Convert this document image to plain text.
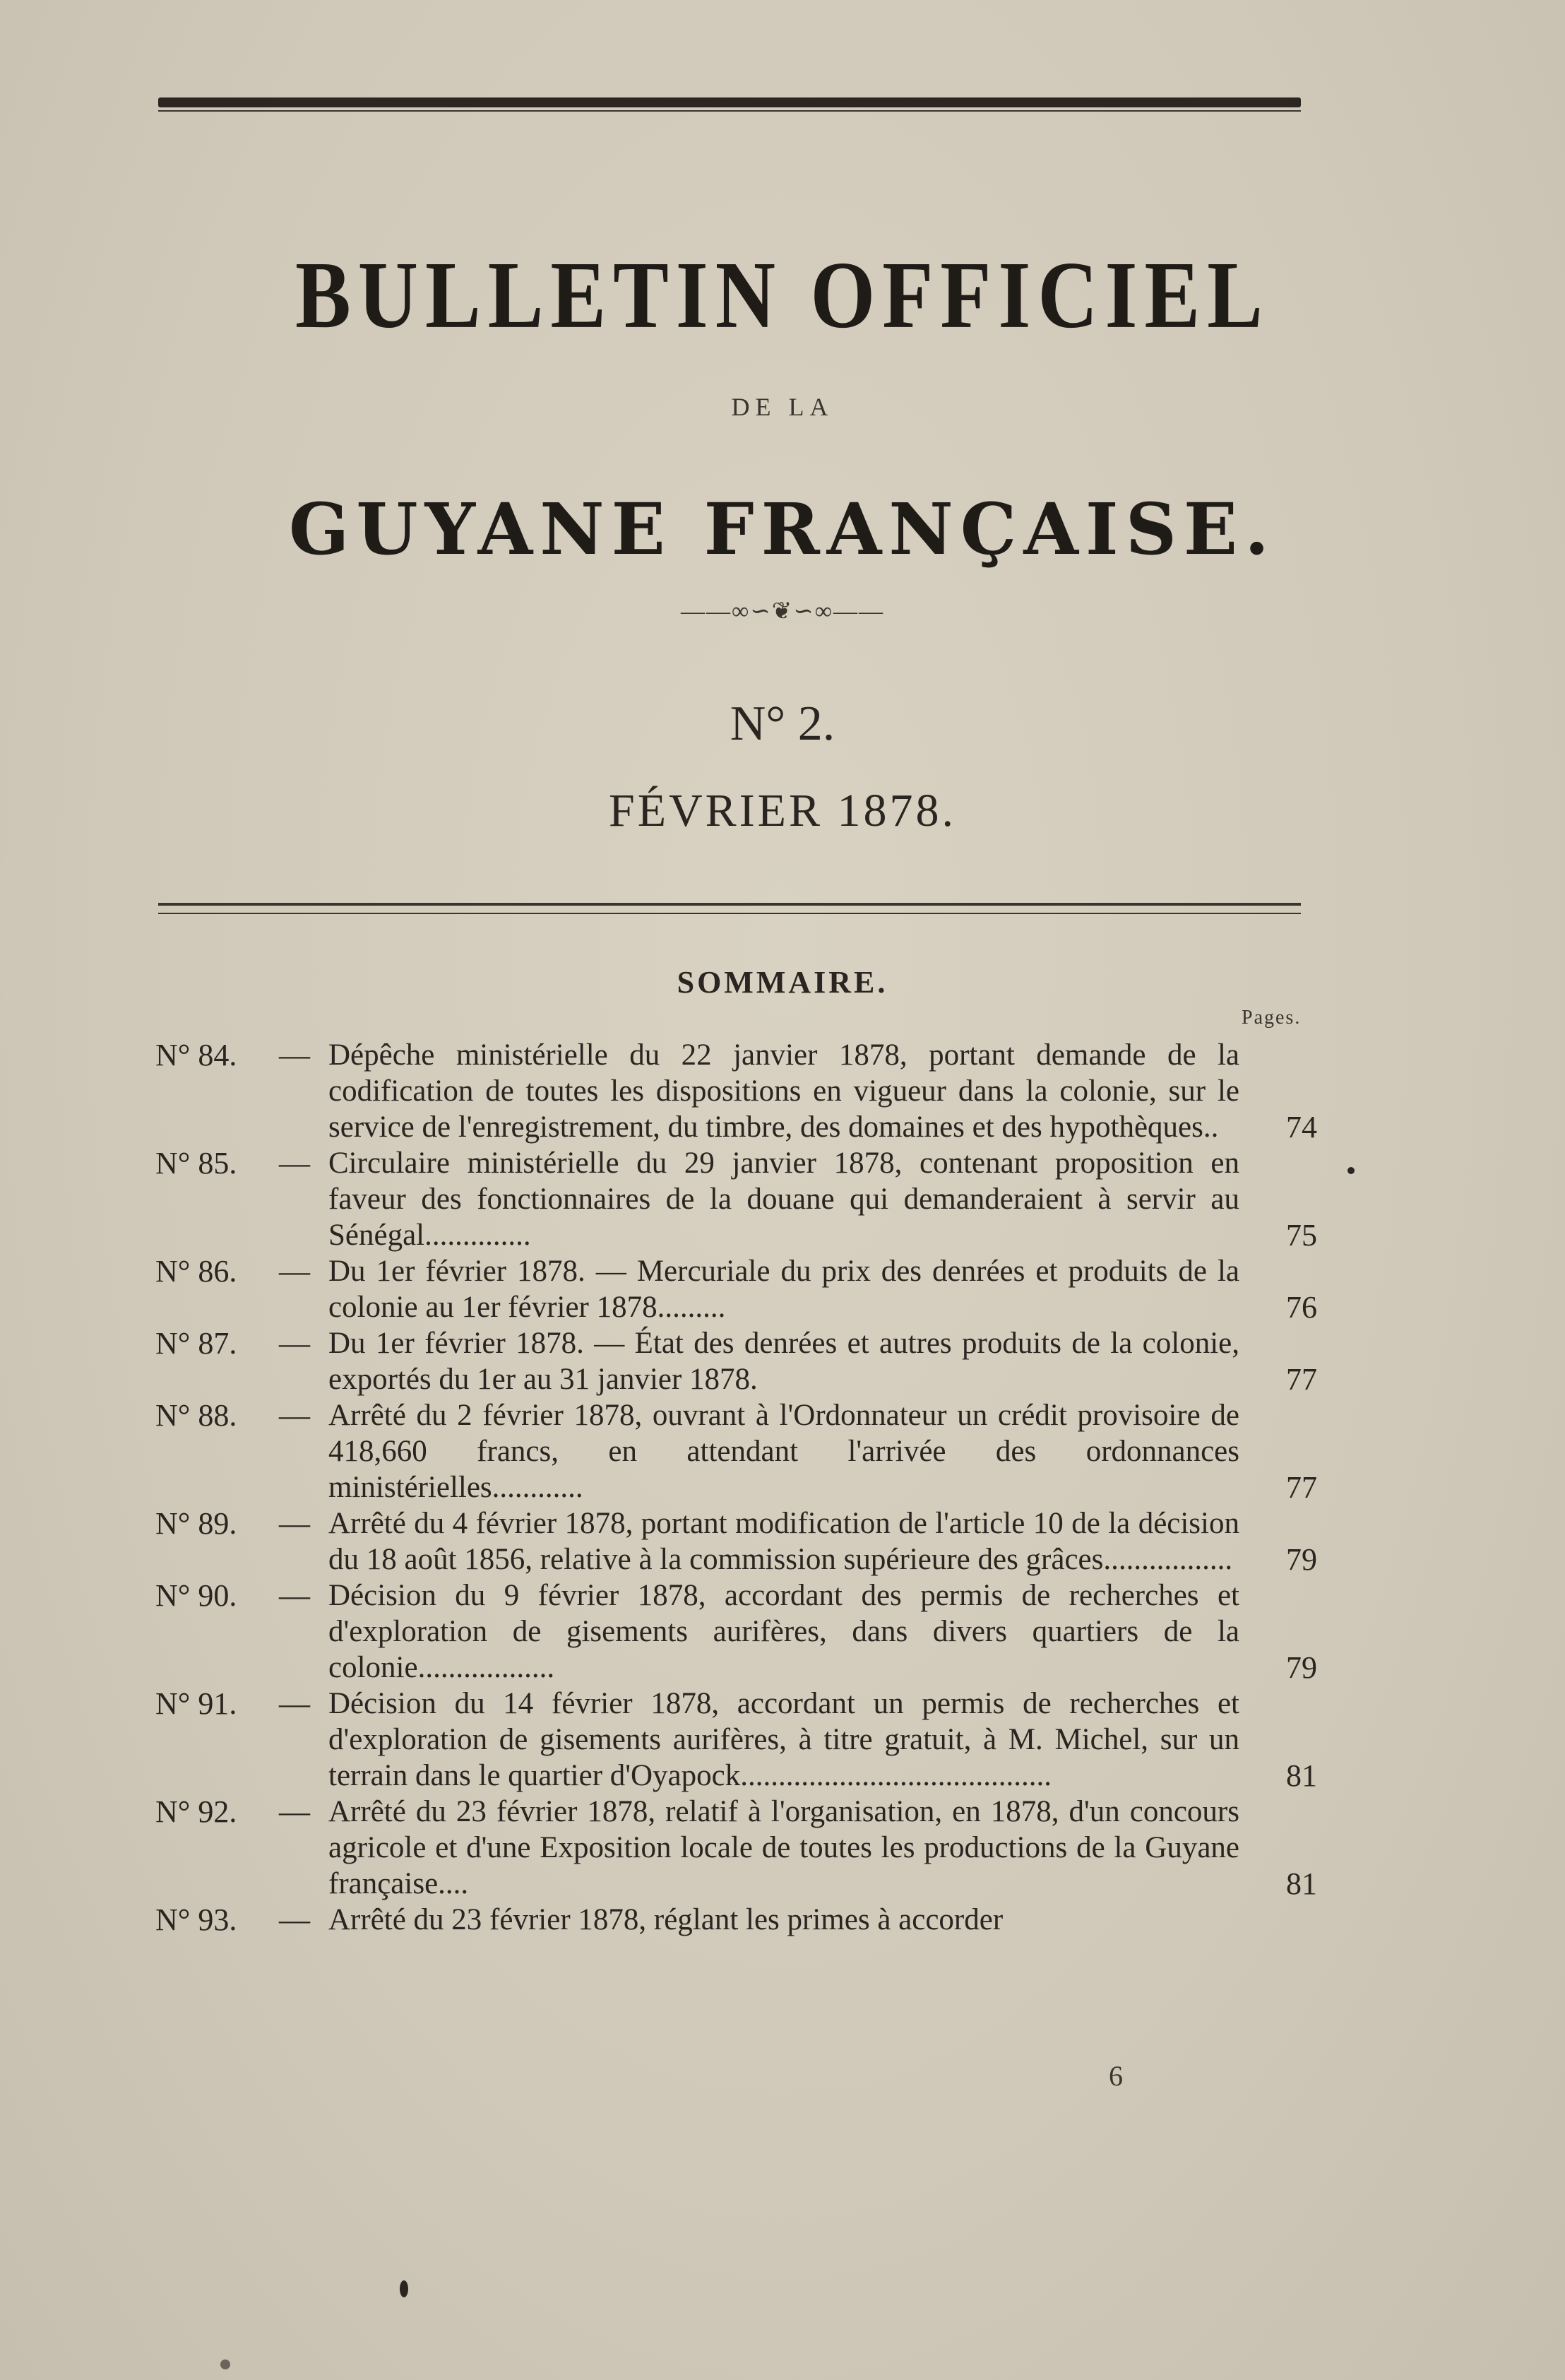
BULLETIN OFFICIEL
DE LA
GUYANE FRANÇAISE.
——∞∽❦∽∞——
N° 2.
FÉVRIER 1878.
SOMMAIRE.
Pages.
N° 84.	— Dépêche ministérielle du 22 janvier 1878, portant demande de la codification de toutes les dispositions en vigueur dans la colonie, sur le service de l'enregistrement, du timbre, des domaines et des hypothèques..	74
N° 85.	— Circulaire ministérielle du 29 janvier 1878, contenant proposition en faveur des fonctionnaires de la douane qui demanderaient à servir au Sénégal..............	75
N° 86.	— Du 1er février 1878. — Mercuriale du prix des denrées et produits de la colonie au 1er février 1878.........	76
N° 87.	— Du 1er février 1878. — État des denrées et autres produits de la colonie, exportés du 1er au 31 janvier 1878.	77
N° 88.	— Arrêté du 2 février 1878, ouvrant à l'Ordonnateur un crédit provisoire de 418,660 francs, en attendant l'arrivée des ordonnances ministérielles............	77
N° 89.	— Arrêté du 4 février 1878, portant modification de l'article 10 de la décision du 18 août 1856, relative à la commission supérieure des grâces.................	79
N° 90.	— Décision du 9 février 1878, accordant des permis de recherches et d'exploration de gisements aurifères, dans divers quartiers de la colonie..................	79
N° 91.	— Décision du 14 février 1878, accordant un permis de recherches et d'exploration de gisements aurifères, à titre gratuit, à M. Michel, sur un terrain dans le quartier d'Oyapock.........................................	81
N° 92.	— Arrêté du 23 février 1878, relatif à l'organisation, en 1878, d'un concours agricole et d'une Exposition locale de toutes les productions de la Guyane française....	81
N° 93.	— Arrêté du 23 février 1878, réglant les primes à accorder
6
